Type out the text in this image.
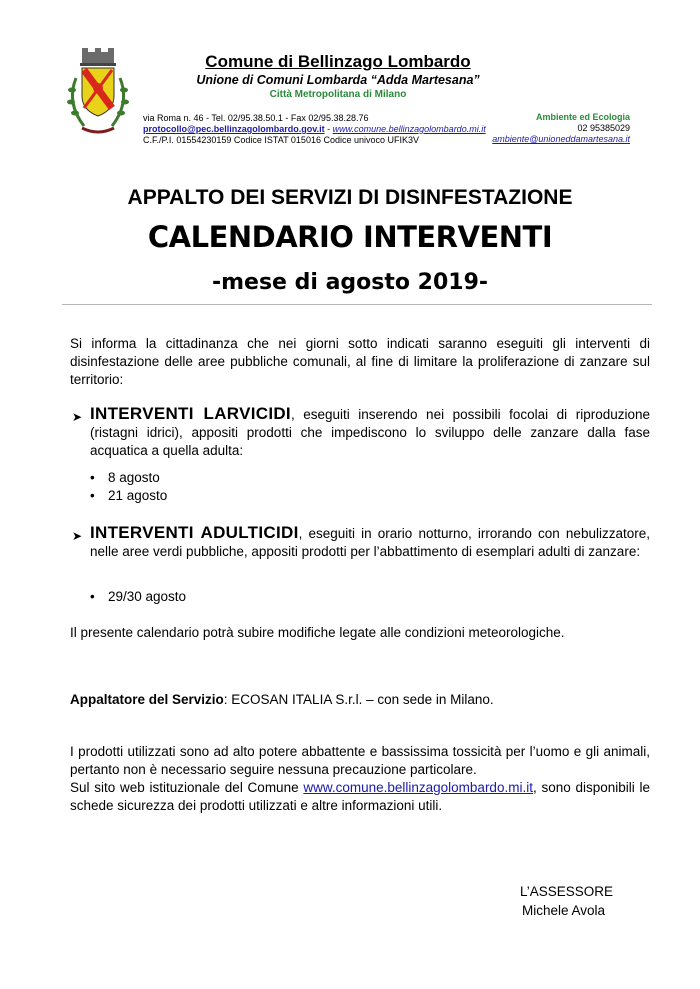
Comune di Bellinzago Lombardo
Unione di Comuni Lombarda “Adda Martesana”
Città Metropolitana di Milano
via Roma n. 46 - Tel. 02/95.38.50.1 - Fax 02/95.38.28.76
protocollo@pec.bellinzagolombardo.gov.it - www.comune.bellinzagolombardo.mi.it
C.F./P.I. 01554230159 Codice ISTAT 015016 Codice univoco UFIK3V
Ambiente ed Ecologia
02 95385029
ambiente@unioneddamartesana.it
APPALTO DEI SERVIZI DI DISINFESTAZIONE
CALENDARIO INTERVENTI
-mese di agosto 2019-
Si informa la cittadinanza che nei giorni sotto indicati saranno eseguiti gli interventi di disinfestazione delle aree pubbliche comunali, al fine di limitare la proliferazione di zanzare sul territorio:
➤ INTERVENTI LARVICIDI, eseguiti inserendo nei possibili focolai di riproduzione (ristagni idrici), appositi prodotti che impediscono lo sviluppo delle zanzare dalla fase acquatica a quella adulta:
• 8 agosto
• 21 agosto
➤ INTERVENTI ADULTICIDI, eseguiti in orario notturno, irrorando con nebulizzatore, nelle aree verdi pubbliche, appositi prodotti per l’abbattimento di esemplari adulti di zanzare:
• 29/30 agosto
Il presente calendario potrà subire modifiche legate alle condizioni meteorologiche.
Appaltatore del Servizio: ECOSAN ITALIA S.r.l. – con sede in Milano.
I prodotti utilizzati sono ad alto potere abbattente e bassissima tossicità per l’uomo e gli animali, pertanto non è necessario seguire nessuna precauzione particolare.
Sul sito web istituzionale del Comune www.comune.bellinzagolombardo.mi.it, sono disponibili le schede sicurezza dei prodotti utilizzati e altre informazioni utili.
L’ASSESSORE
Michele Avola
